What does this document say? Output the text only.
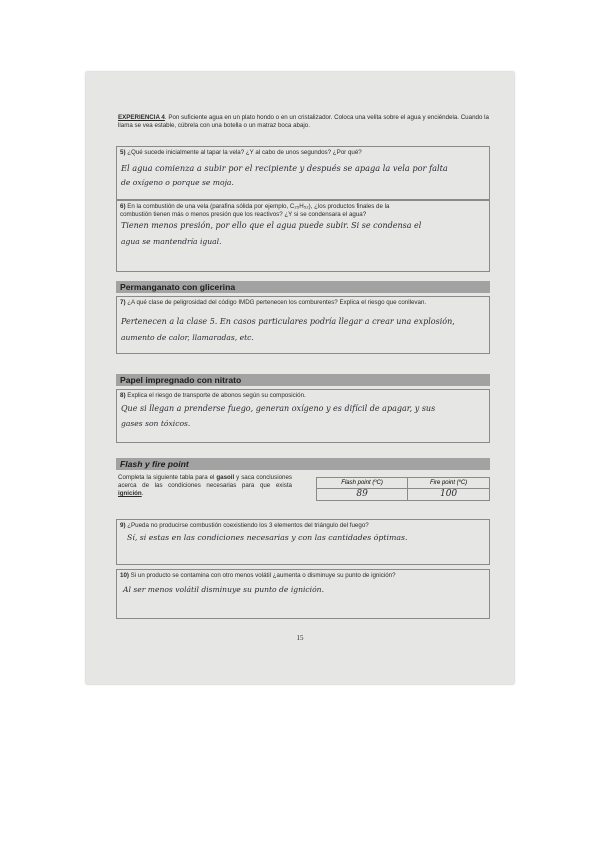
EXPERIENCIA 4. Pon suficiente agua en un plato hondo o en un cristalizador. Coloca una velita sobre el agua y enciéndela. Cuando la llama se vea estable, cúbrela con una botella o un matraz boca abajo.
5) ¿Qué sucede inicialmente al tapar la vela? ¿Y al cabo de unos segundos? ¿Por qué?
El agua comienza a subir por el recipiente y después se apaga la vela por falta
de oxígeno o porque se moja.
6) En la combustión de una vela (parafina sólida por ejemplo, C₂₅H₅₂), ¿los productos finales de la combustión tienen más o menos presión que los reactivos? ¿Y si se condensara el agua?
Tienen menos presión, por ello que el agua puede subir. Si se condensa el
agua se mantendría igual.
Permanganato con glicerina
7) ¿A qué clase de peligrosidad del código IMDG pertenecen los comburentes? Explica el riesgo que conllevan.
Pertenecen a la clase 5. En casos particulares podría llegar a crear una explosión,
aumento de calor, llamaradas, etc.
Papel impregnado con nitrato
8) Explica el riesgo de transporte de abonos según su composición.
Que si llegan a prenderse fuego, generan oxígeno y es difícil de apagar, y sus
gases son tóxicos.
Flash y fire point
Completa la siguiente tabla para el gasoil y saca conclusiones acerca de las condiciones necesarias para que exista ignición.
Flash point (ºC)	Fire point (ºC)
89	100
9) ¿Pueda no producirse combustión coexistiendo los 3 elementos del triángulo del fuego?
Sí, si estas en las condiciones necesarias y con las cantidades óptimas.
10) Si un producto se contamina con otro menos volátil ¿aumenta o disminuye su punto de ignición?
Al ser menos volátil disminuye su punto de ignición.
15
